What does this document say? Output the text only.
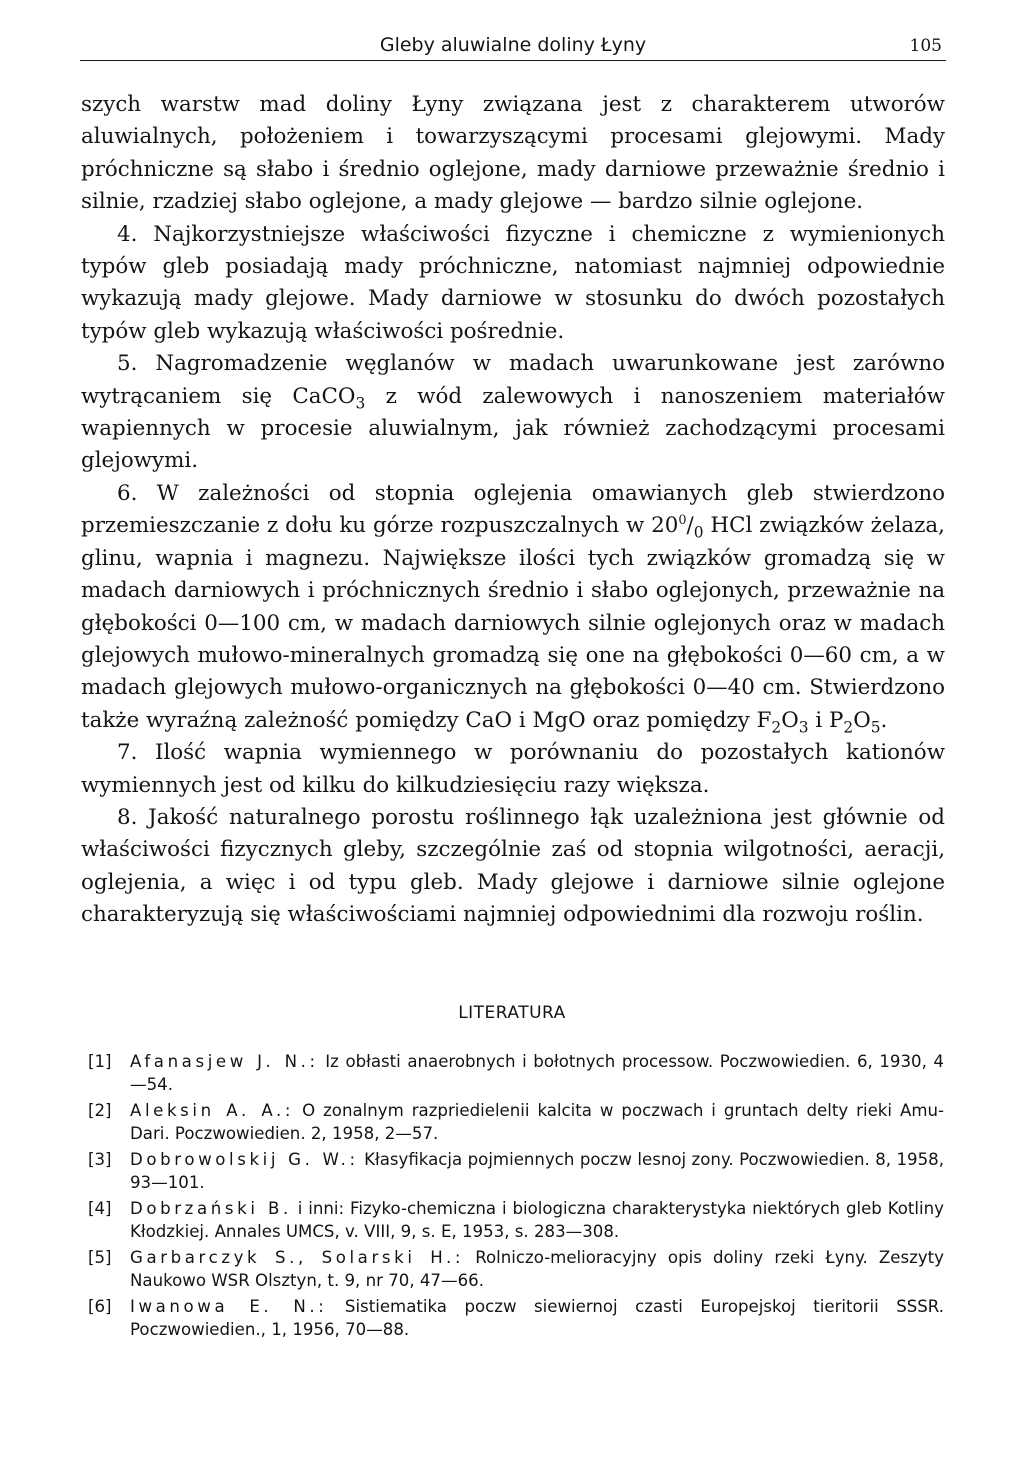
Gleby aluwialne doliny Łyny	105

szych warstw mad doliny Łyny związana jest z charakterem utworów aluwialnych, położeniem i towarzyszącymi procesami glejowymi. Mady próchniczne są słabo i średnio oglejone, mady darniowe przeważnie średnio i silnie, rzadziej słabo oglejone, a mady glejowe — bardzo silnie oglejone.

4. Najkorzystniejsze właściwości fizyczne i chemiczne z wymienionych typów gleb posiadają mady próchniczne, natomiast najmniej odpowiednie wykazują mady glejowe. Mady darniowe w stosunku do dwóch pozostałych typów gleb wykazują właściwości pośrednie.

5. Nagromadzenie węglanów w madach uwarunkowane jest zarówno wytrącaniem się CaCO$_3$ z wód zalewowych i nanoszeniem materiałów wapiennych w procesie aluwialnym, jak również zachodzącymi procesami glejowymi.

6. W zależności od stopnia oglejenia omawianych gleb stwierdzono przemieszczanie z dołu ku górze rozpuszczalnych w $20^0/_0$ HCl związków żelaza, glinu, wapnia i magnezu. Największe ilości tych związków gromadzą się w madach darniowych i próchnicznych średnio i słabo oglejonych, przeważnie na głębokości 0—100 cm, w madach darniowych silnie oglejonych oraz w madach glejowych mułowo-mineralnych gromadzą się one na głębokości 0—60 cm, a w madach glejowych mułowo-organicznych na głębokości 0—40 cm. Stwierdzono także wyraźną zależność pomiędzy CaO i MgO oraz pomiędzy $F_2O_3$ i $P_2O_5$.

7. Ilość wapnia wymiennego w porównaniu do pozostałych kationów wymiennych jest od kilku do kilkudziesięciu razy większa.

8. Jakość naturalnego porostu roślinnego łąk uzależniona jest głównie od właściwości fizycznych gleby, szczególnie zaś od stopnia wilgotności, aeracji, oglejenia, a więc i od typu gleb. Mady glejowe i darniowe silnie oglejone charakteryzują się właściwościami najmniej odpowiednimi dla rozwoju roślin.

LITERATURA
[1] Afanasjew J. N.: Iz obłasti anaerobnych i bołotnych processow. Poczwowiedien. 6, 1930, 4—54.
[2] Aleksin A. A.: O zonalnym razpriedielenii kalcita w poczwach i gruntach delty rieki Amu-Dari. Poczwowiedien. 2, 1958, 2—57.
[3] Dobrowolskij G. W.: Kłasyfikacja pojmiennych poczw lesnoj zony. Poczwowiedien. 8, 1958, 93—101.
[4] Dobrzański B. i inni: Fizyko-chemiczna i biologiczna charakterystyka niektórych gleb Kotliny Kłodzkiej. Annales UMCS, v. VIII, 9, s. E, 1953, s. 283—308.
[5] Garbarczyk S., Solarski H.: Rolniczo-melioracyjny opis doliny rzeki Łyny. Zeszyty Naukowo WSR Olsztyn, t. 9, nr 70, 47—66.
[6] Iwanowa E. N.: Sistiematika poczw siewiernoj czasti Europejskoj tieritorii SSSR. Poczwowiedien., 1, 1956, 70—88.
